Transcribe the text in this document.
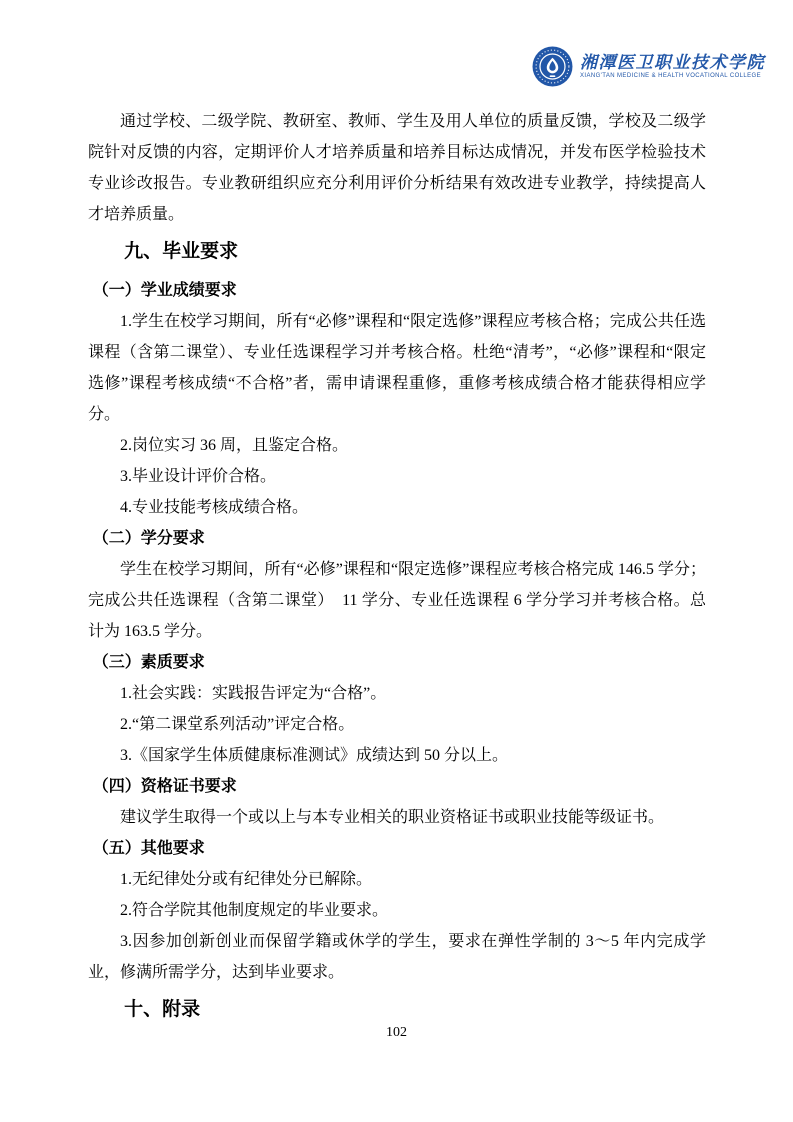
湘潭医卫职业技术学院
XIANG'TAN MEDICINE & HEALTH VOCATIONAL COLLEGE

通过学校、二级学院、教研室、教师、学生及用人单位的质量反馈，学校及二级学院针对反馈的内容，定期评价人才培养质量和培养目标达成情况，并发布医学检验技术专业诊改报告。专业教研组织应充分利用评价分析结果有效改进专业教学，持续提高人才培养质量。

九、毕业要求
（一）学业成绩要求

1.学生在校学习期间，所有“必修”课程和“限定选修”课程应考核合格；完成公共任选课程（含第二课堂）、专业任选课程学习并考核合格。杜绝“清考”，“必修”课程和“限定选修”课程考核成绩“不合格”者，需申请课程重修，重修考核成绩合格才能获得相应学分。

2.岗位实习 36 周，且鉴定合格。

3.毕业设计评价合格。

4.专业技能考核成绩合格。

（二）学分要求

学生在校学习期间，所有“必修”课程和“限定选修”课程应考核合格完成 146.5 学分；完成公共任选课程（含第二课堂）　11 学分、专业任选课程 6 学分学习并考核合格。总计为 163.5 学分。

（三）素质要求

1.社会实践：实践报告评定为“合格”。

2.“第二课堂系列活动”评定合格。

3.《国家学生体质健康标准测试》成绩达到 50 分以上。

（四）资格证书要求

建议学生取得一个或以上与本专业相关的职业资格证书或职业技能等级证书。

（五）其他要求

1.无纪律处分或有纪律处分已解除。

2.符合学院其他制度规定的毕业要求。

3.因参加创新创业而保留学籍或休学的学生，要求在弹性学制的 3～5 年内完成学业，修满所需学分，达到毕业要求。

十、附录
102
